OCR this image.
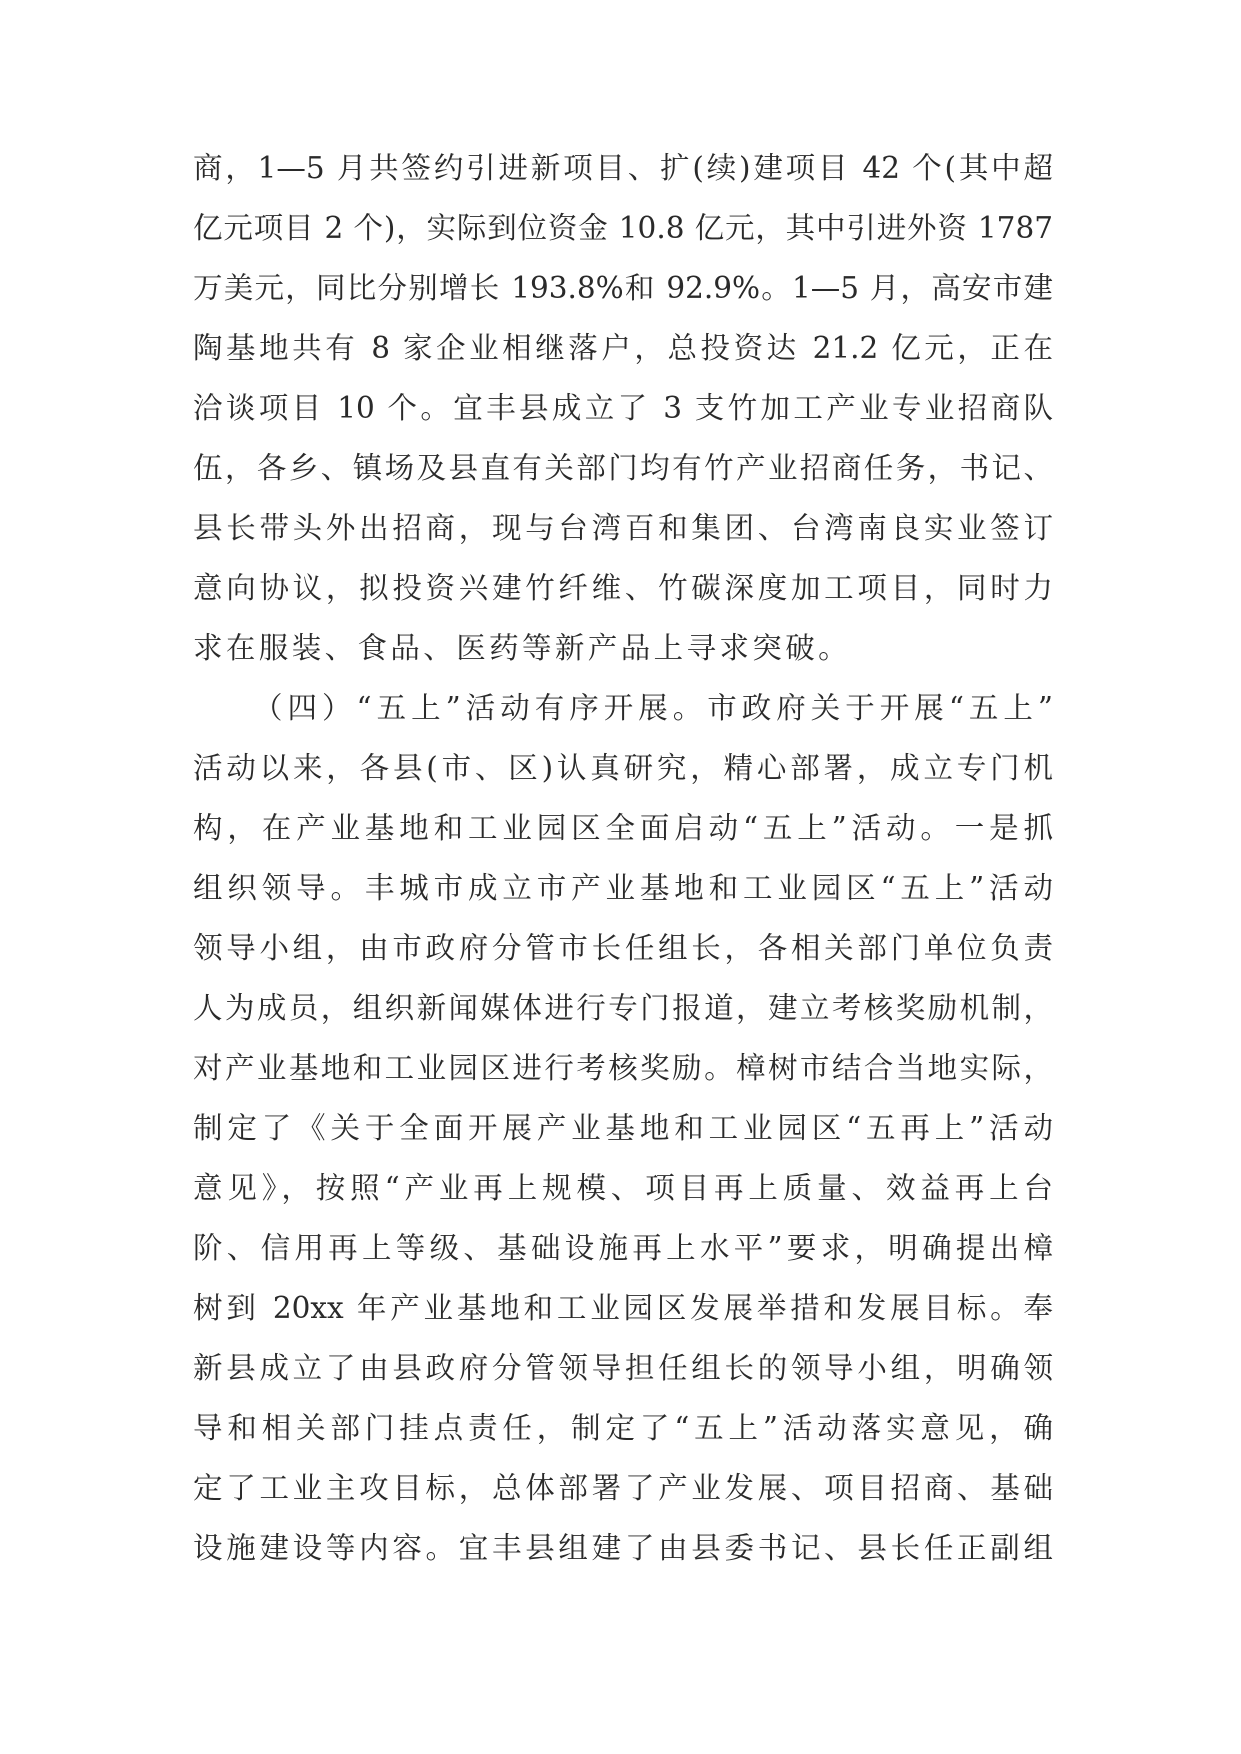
商，1—5 月共签约引进新项目、扩(续)建项目 42 个(其中超
亿元项目 2 个)，实际到位资金 10.8 亿元，其中引进外资 1787
万美元，同比分别增长 193.8%和 92.9%。1—5 月，高安市建
陶基地共有 8 家企业相继落户，总投资达 21.2 亿元，正在
洽谈项目 10 个。宜丰县成立了 3 支竹加工产业专业招商队
伍，各乡、镇场及县直有关部门均有竹产业招商任务，书记、
县长带头外出招商，现与台湾百和集团、台湾南良实业签订
意向协议，拟投资兴建竹纤维、竹碳深度加工项目，同时力
求在服装、食品、医药等新产品上寻求突破。
（四）“五上”活动有序开展。市政府关于开展“五上”
活动以来，各县(市、区)认真研究，精心部署，成立专门机
构，在产业基地和工业园区全面启动“五上”活动。一是抓
组织领导。丰城市成立市产业基地和工业园区“五上”活动
领导小组，由市政府分管市长任组长，各相关部门单位负责
人为成员，组织新闻媒体进行专门报道，建立考核奖励机制，
对产业基地和工业园区进行考核奖励。樟树市结合当地实际，
制定了《关于全面开展产业基地和工业园区“五再上”活动
意见》，按照“产业再上规模、项目再上质量、效益再上台
阶、信用再上等级、基础设施再上水平”要求，明确提出樟
树到 20xx 年产业基地和工业园区发展举措和发展目标。奉
新县成立了由县政府分管领导担任组长的领导小组，明确领
导和相关部门挂点责任，制定了“五上”活动落实意见，确
定了工业主攻目标，总体部署了产业发展、项目招商、基础
设施建设等内容。宜丰县组建了由县委书记、县长任正副组
